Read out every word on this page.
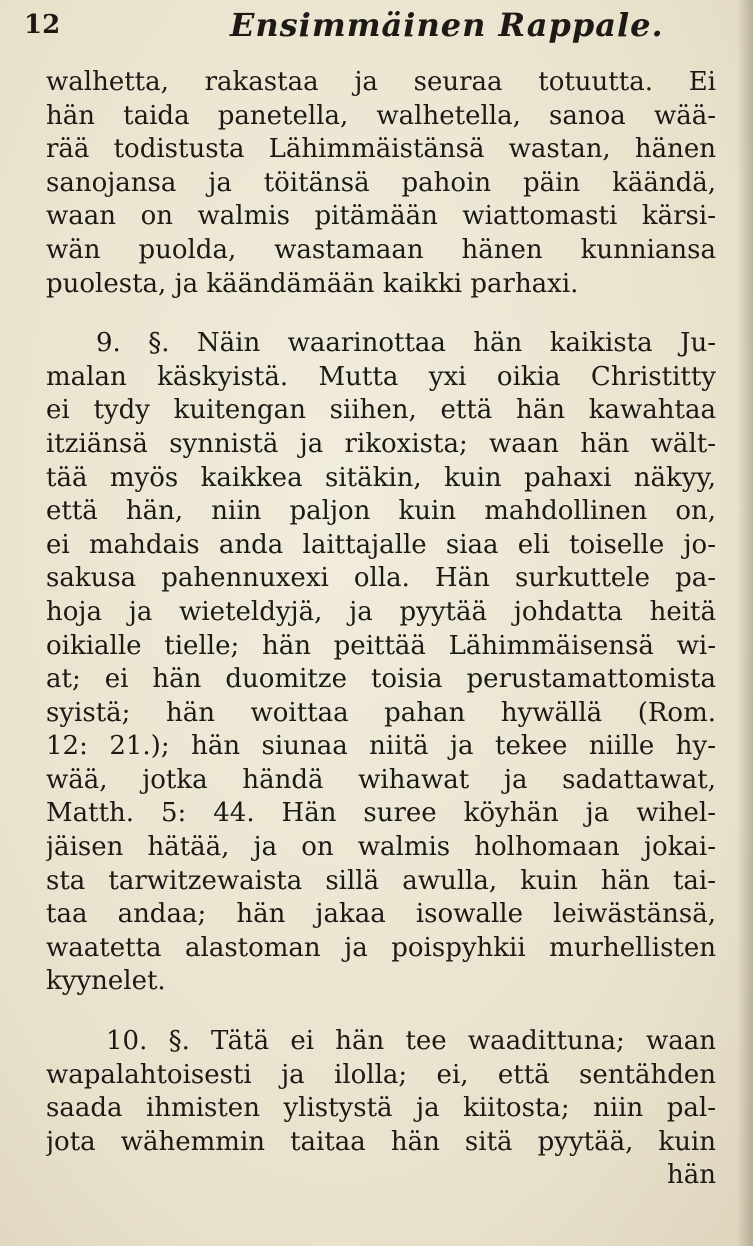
12	Ensimmäinen Rappale.
walhetta, rakastaa ja seuraa totuutta. Ei
hän taida panetella, walhetella, sanoa wää-
rää todistusta Lähimmäistänsä wastan, hänen
sanojansa ja töitänsä pahoin päin käändä,
waan on walmis pitämään wiattomasti kärsi-
wän puolda, wastamaan hänen kunniansa
puolesta, ja käändämään kaikki parhaxi.
9. §. Näin waarinottaa hän kaikista Ju-
malan käskyistä. Mutta yxi oikia Christitty
ei tydy kuitengan siihen, että hän kawahtaa
itziänsä synnistä ja rikoxista; waan hän wält-
tää myös kaikkea sitäkin, kuin pahaxi näkyy,
että hän, niin paljon kuin mahdollinen on,
ei mahdais anda laittajalle siaa eli toiselle jo-
sakusa pahennuxexi olla. Hän surkuttele pa-
hoja ja wieteldyjä, ja pyytää johdatta heitä
oikialle tielle; hän peittää Lähimmäisensä wi-
at; ei hän duomitze toisia perustamattomista
syistä; hän woittaa pahan hywällä (Rom.
12: 21.); hän siunaa niitä ja tekee niille hy-
wää, jotka händä wihawat ja sadattawat,
Matth. 5: 44. Hän suree köyhän ja wihel-
jäisen hätää, ja on walmis holhomaan jokai-
sta tarwitzewaista sillä awulla, kuin hän tai-
taa andaa; hän jakaa isowalle leiwästänsä,
waatetta alastoman ja poispyhkii murhellisten
kyynelet.
10. §. Tätä ei hän tee waadittuna; waan
wapalahtoisesti ja ilolla; ei, että sentähden
saada ihmisten ylistystä ja kiitosta; niin pal-
jota wähemmin taitaa hän sitä pyytää, kuin
hän
